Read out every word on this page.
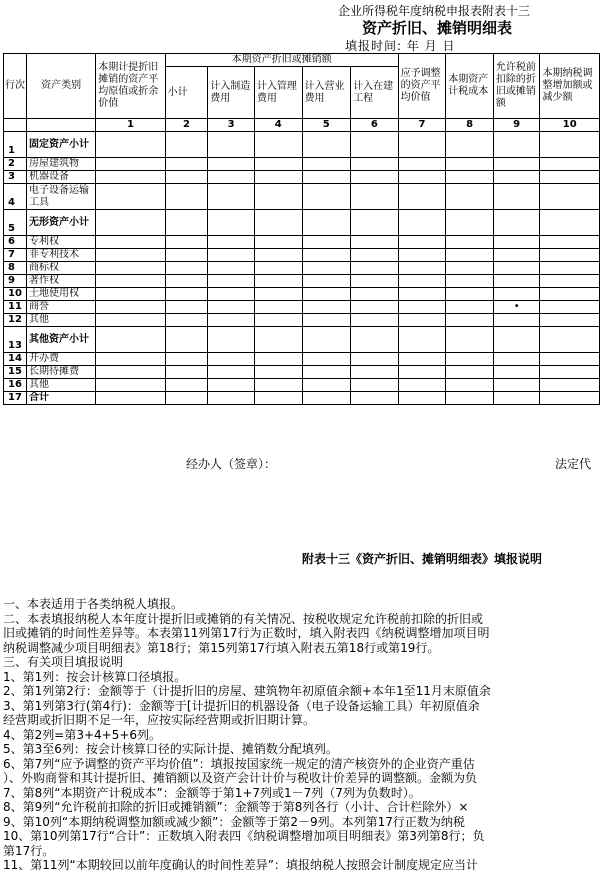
企业所得税年度纳税申报表附表十三
资产折旧、摊销明细表
填报时间: 年 月 日
行次	资产类别	本期计提折旧摊销的资产平均原值或折余价值	本期资产折旧或摊销额					应予调整的资产平均价值	本期资产计税成本	允许税前扣除的折旧或摊销额	本期纳税调整增加额或减少额
			小计	计入制造费用	计入管理费用	计入营业费用	计入在建工程				
		1	2	3	4	5	6	7	8	9	10
1	固定资产小计										
2	房屋建筑物										
3	机器设备										
4	电子设备运输工具										
5	无形资产小计										
6	专利权										
7	非专利技术										
8	商标权										
9	著作权										
10	土地使用权										
11	商誉									•	
12	其他										
13	其他资产小计										
14	开办费										
15	长期待摊费										
16	其他										
17	合计										
经办人（签章）：	法定代
附表十三《资产折旧、摊销明细表》填报说明
一、本表适用于各类纳税人填报。
二、本表填报纳税人本年度计提折旧或摊销的有关情况、按税收规定允许税前扣除的折旧或
旧或摊销的时间性差异等。本表第11列第17行为正数时，填入附表四《纳税调整增加项目明
纳税调整减少项目明细表》第18行；第15列第17行填入附表五第18行或第19行。
三、有关项目填报说明
1、第1列：按会计核算口径填报。
2、第1列第2行：金额等于（计提折旧的房屋、建筑物年初原值余额+本年1至11月末原值余
3、第1列第3行(第4行)：金额等于[计提折旧的机器设备（电子设备运输工具）年初原值余
经营期或折旧期不足一年，应按实际经营期或折旧期计算。
4、第2列=第3+4+5+6列。
5、第3至6列：按会计核算口径的实际计提、摊销数分配填列。
6、第7列“应予调整的资产平均价值”：填报按国家统一规定的清产核资外的企业资产重估
）、外购商誉和其计提折旧、摊销额以及资产会计计价与税收计价差异的调整额。金额为负
7、第8列“本期资产计税成本”：金额等于第1+7列或1－7列（7列为负数时）。
8、第9列“允许税前扣除的折旧或摊销额”：金额等于第8列各行（小计、合计栏除外）×
9、第10列“本期纳税调整加额或减少额”：金额等于第2－9列。本列第17行正数为纳税
10、第10列第17行“合计”：正数填入附表四《纳税调整增加项目明细表》第3列第8行；负
第17行。
11、第11列“本期较回以前年度确认的时间性差异”：填报纳税人按照会计制度规定应当计
